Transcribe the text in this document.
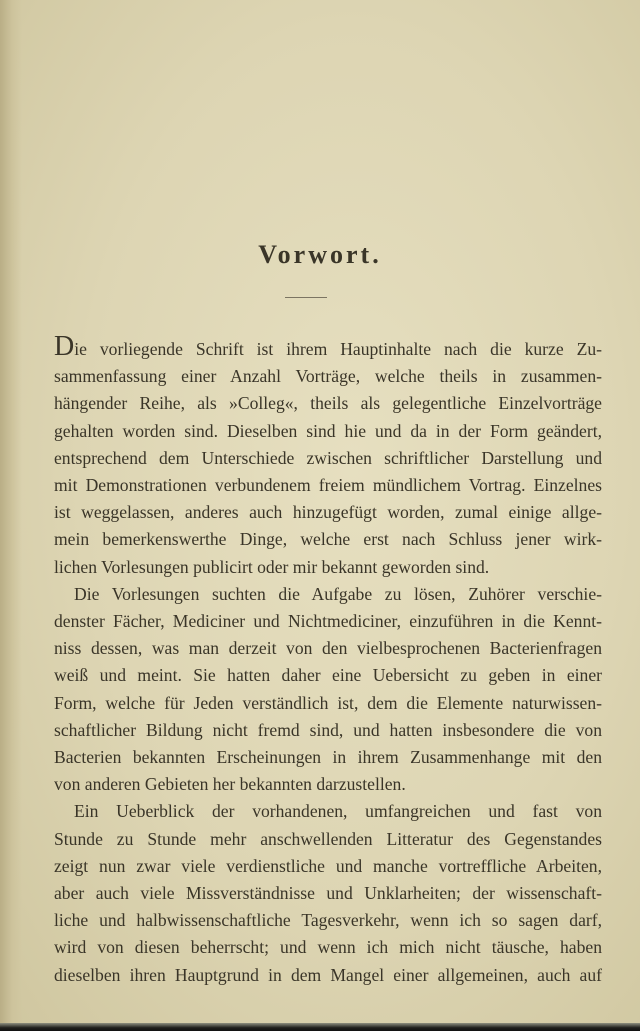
Vorwort.

Die vorliegende Schrift ist ihrem Hauptinhalte nach die kurze Zu-
sammenfassung einer Anzahl Vorträge, welche theils in zusammen-
hängender Reihe, als »Colleg«, theils als gelegentliche Einzelvorträge
gehalten worden sind. Dieselben sind hie und da in der Form geändert,
entsprechend dem Unterschiede zwischen schriftlicher Darstellung und
mit Demonstrationen verbundenem freiem mündlichem Vortrag. Einzelnes
ist weggelassen, anderes auch hinzugefügt worden, zumal einige allge-
mein bemerkenswerthe Dinge, welche erst nach Schluss jener wirk-
lichen Vorlesungen publicirt oder mir bekannt geworden sind.

Die Vorlesungen suchten die Aufgabe zu lösen, Zuhörer verschie-
denster Fächer, Mediciner und Nichtmediciner, einzuführen in die Kennt-
niss dessen, was man derzeit von den vielbesprochenen Bacterienfragen
weiß und meint. Sie hatten daher eine Uebersicht zu geben in einer
Form, welche für Jeden verständlich ist, dem die Elemente naturwissen-
schaftlicher Bildung nicht fremd sind, und hatten insbesondere die von
Bacterien bekannten Erscheinungen in ihrem Zusammenhange mit den
von anderen Gebieten her bekannten darzustellen.

Ein Ueberblick der vorhandenen, umfangreichen und fast von
Stunde zu Stunde mehr anschwellenden Litteratur des Gegenstandes
zeigt nun zwar viele verdienstliche und manche vortreffliche Arbeiten,
aber auch viele Missverständnisse und Unklarheiten; der wissenschaft-
liche und halbwissenschaftliche Tagesverkehr, wenn ich so sagen darf,
wird von diesen beherrscht; und wenn ich mich nicht täusche, haben
dieselben ihren Hauptgrund in dem Mangel einer allgemeinen, auch auf
